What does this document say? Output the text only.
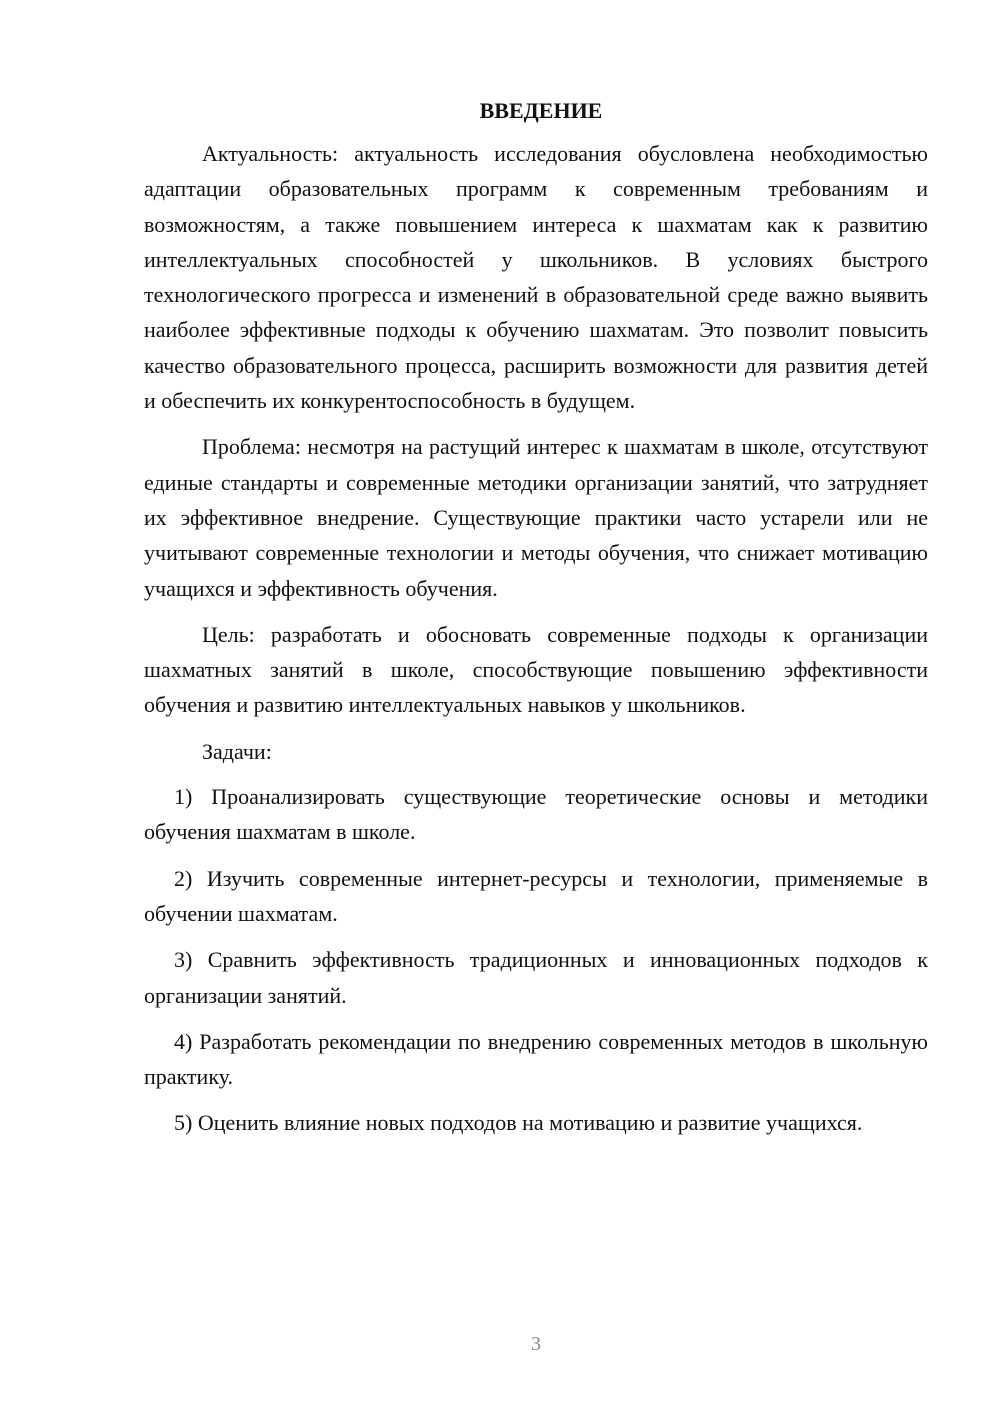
ВВЕДЕНИЕ

Актуальность: актуальность исследования обусловлена необходимостью адаптации образовательных программ к современным требованиям и возможностям, а также повышением интереса к шахматам как к развитию интеллектуальных способностей у школьников. В условиях быстрого технологического прогресса и изменений в образовательной среде важно выявить наиболее эффективные подходы к обучению шахматам. Это позволит повысить качество образовательного процесса, расширить возможности для развития детей и обеспечить их конкурентоспособность в будущем.

Проблема: несмотря на растущий интерес к шахматам в школе, отсутствуют единые стандарты и современные методики организации занятий, что затрудняет их эффективное внедрение. Существующие практики часто устарели или не учитывают современные технологии и методы обучения, что снижает мотивацию учащихся и эффективность обучения.

Цель: разработать и обосновать современные подходы к организации шахматных занятий в школе, способствующие повышению эффективности обучения и развитию интеллектуальных навыков у школьников.

Задачи:

1) Проанализировать существующие теоретические основы и методики обучения шахматам в школе.

2) Изучить современные интернет-ресурсы и технологии, применяемые в обучении шахматам.

3) Сравнить эффективность традиционных и инновационных подходов к организации занятий.

4) Разработать рекомендации по внедрению современных методов в школьную практику.

5) Оценить влияние новых подходов на мотивацию и развитие учащихся.

3
